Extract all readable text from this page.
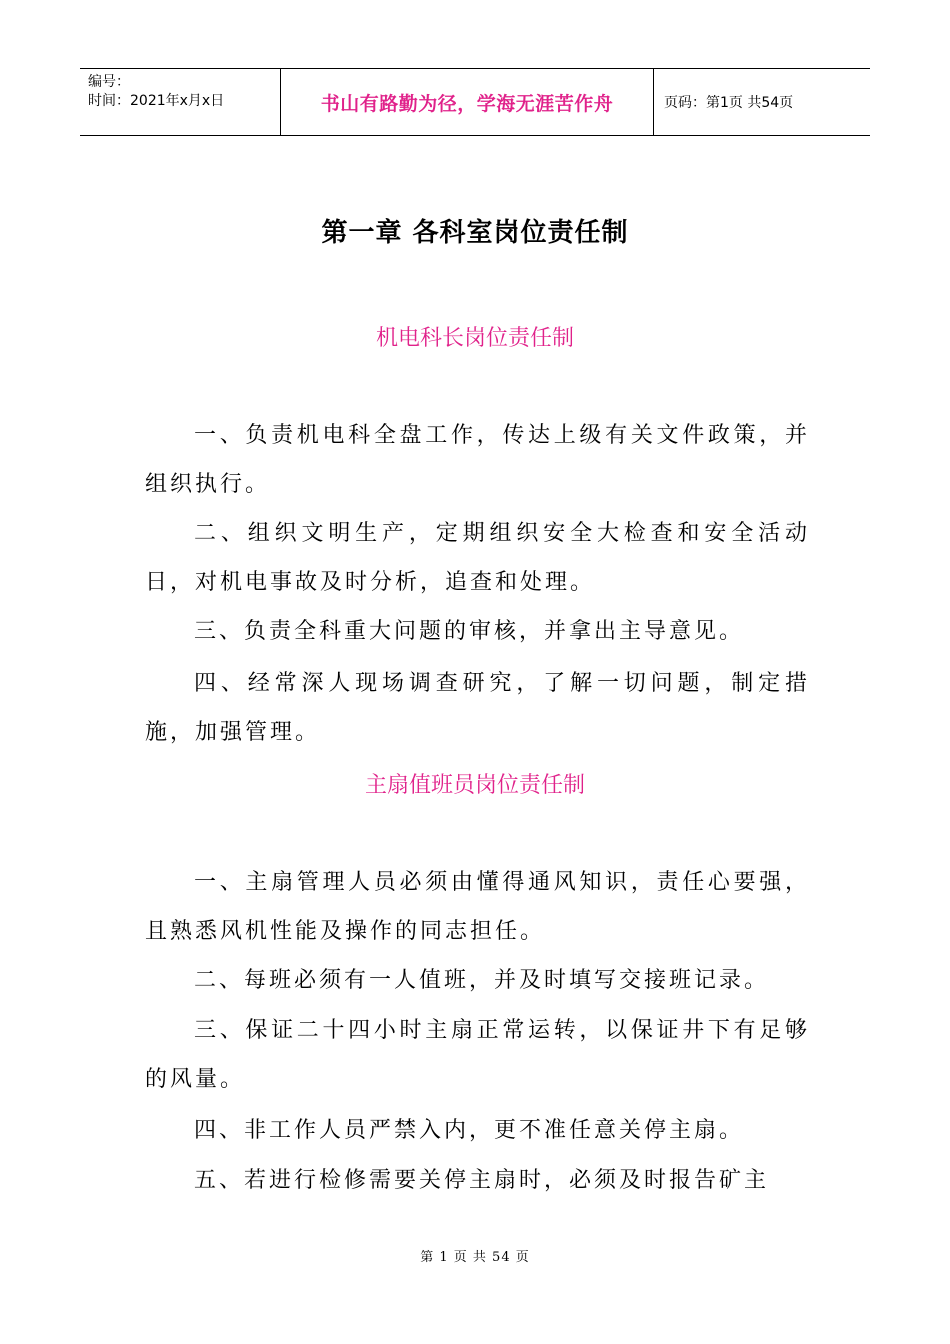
编号：
时间：2021年x月x日	书山有路勤为径，学海无涯苦作舟	页码：第1页 共54页
第一章 各科室岗位责任制
机电科长岗位责任制

一、负责机电科全盘工作，传达上级有关文件政策，并组织执行。

二、组织文明生产，定期组织安全大检查和安全活动日，对机电事故及时分析，追查和处理。

三、负责全科重大问题的审核，并拿出主导意见。

四、经常深人现场调查研究，了解一切问题，制定措施，加强管理。

主扇值班员岗位责任制

一、主扇管理人员必须由懂得通风知识，责任心要强，且熟悉风机性能及操作的同志担任。

二、每班必须有一人值班，并及时填写交接班记录。

三、保证二十四小时主扇正常运转，以保证井下有足够的风量。

四、非工作人员严禁入内，更不准任意关停主扇。

五、若进行检修需要关停主扇时，必须及时报告矿主

第 1 页 共 54 页
